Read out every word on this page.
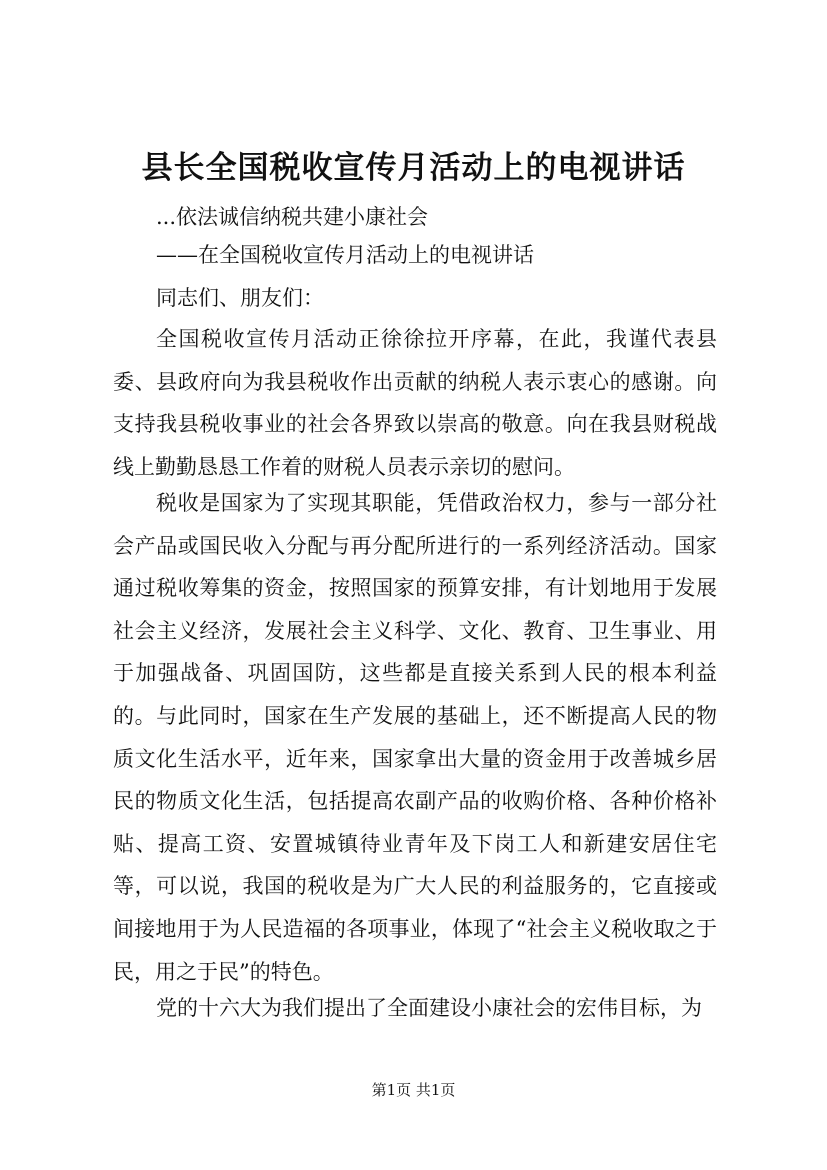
县长全国税收宣传月活动上的电视讲话
...依法诚信纳税共建小康社会
——在全国税收宣传月活动上的电视讲话
同志们、朋友们：
全国税收宣传月活动正徐徐拉开序幕，在此，我谨代表县委、县政府向为我县税收作出贡献的纳税人表示衷心的感谢。向支持我县税收事业的社会各界致以崇高的敬意。向在我县财税战线上勤勤恳恳工作着的财税人员表示亲切的慰问。
税收是国家为了实现其职能，凭借政治权力，参与一部分社会产品或国民收入分配与再分配所进行的一系列经济活动。国家通过税收筹集的资金，按照国家的预算安排，有计划地用于发展社会主义经济，发展社会主义科学、文化、教育、卫生事业、用于加强战备、巩固国防，这些都是直接关系到人民的根本利益的。与此同时，国家在生产发展的基础上，还不断提高人民的物质文化生活水平，近年来，国家拿出大量的资金用于改善城乡居民的物质文化生活，包括提高农副产品的收购价格、各种价格补贴、提高工资、安置城镇待业青年及下岗工人和新建安居住宅等，可以说，我国的税收是为广大人民的利益服务的，它直接或间接地用于为人民造福的各项事业，体现了“社会主义税收取之于民，用之于民”的特色。
党的十六大为我们提出了全面建设小康社会的宏伟目标，为
第1页 共1页
